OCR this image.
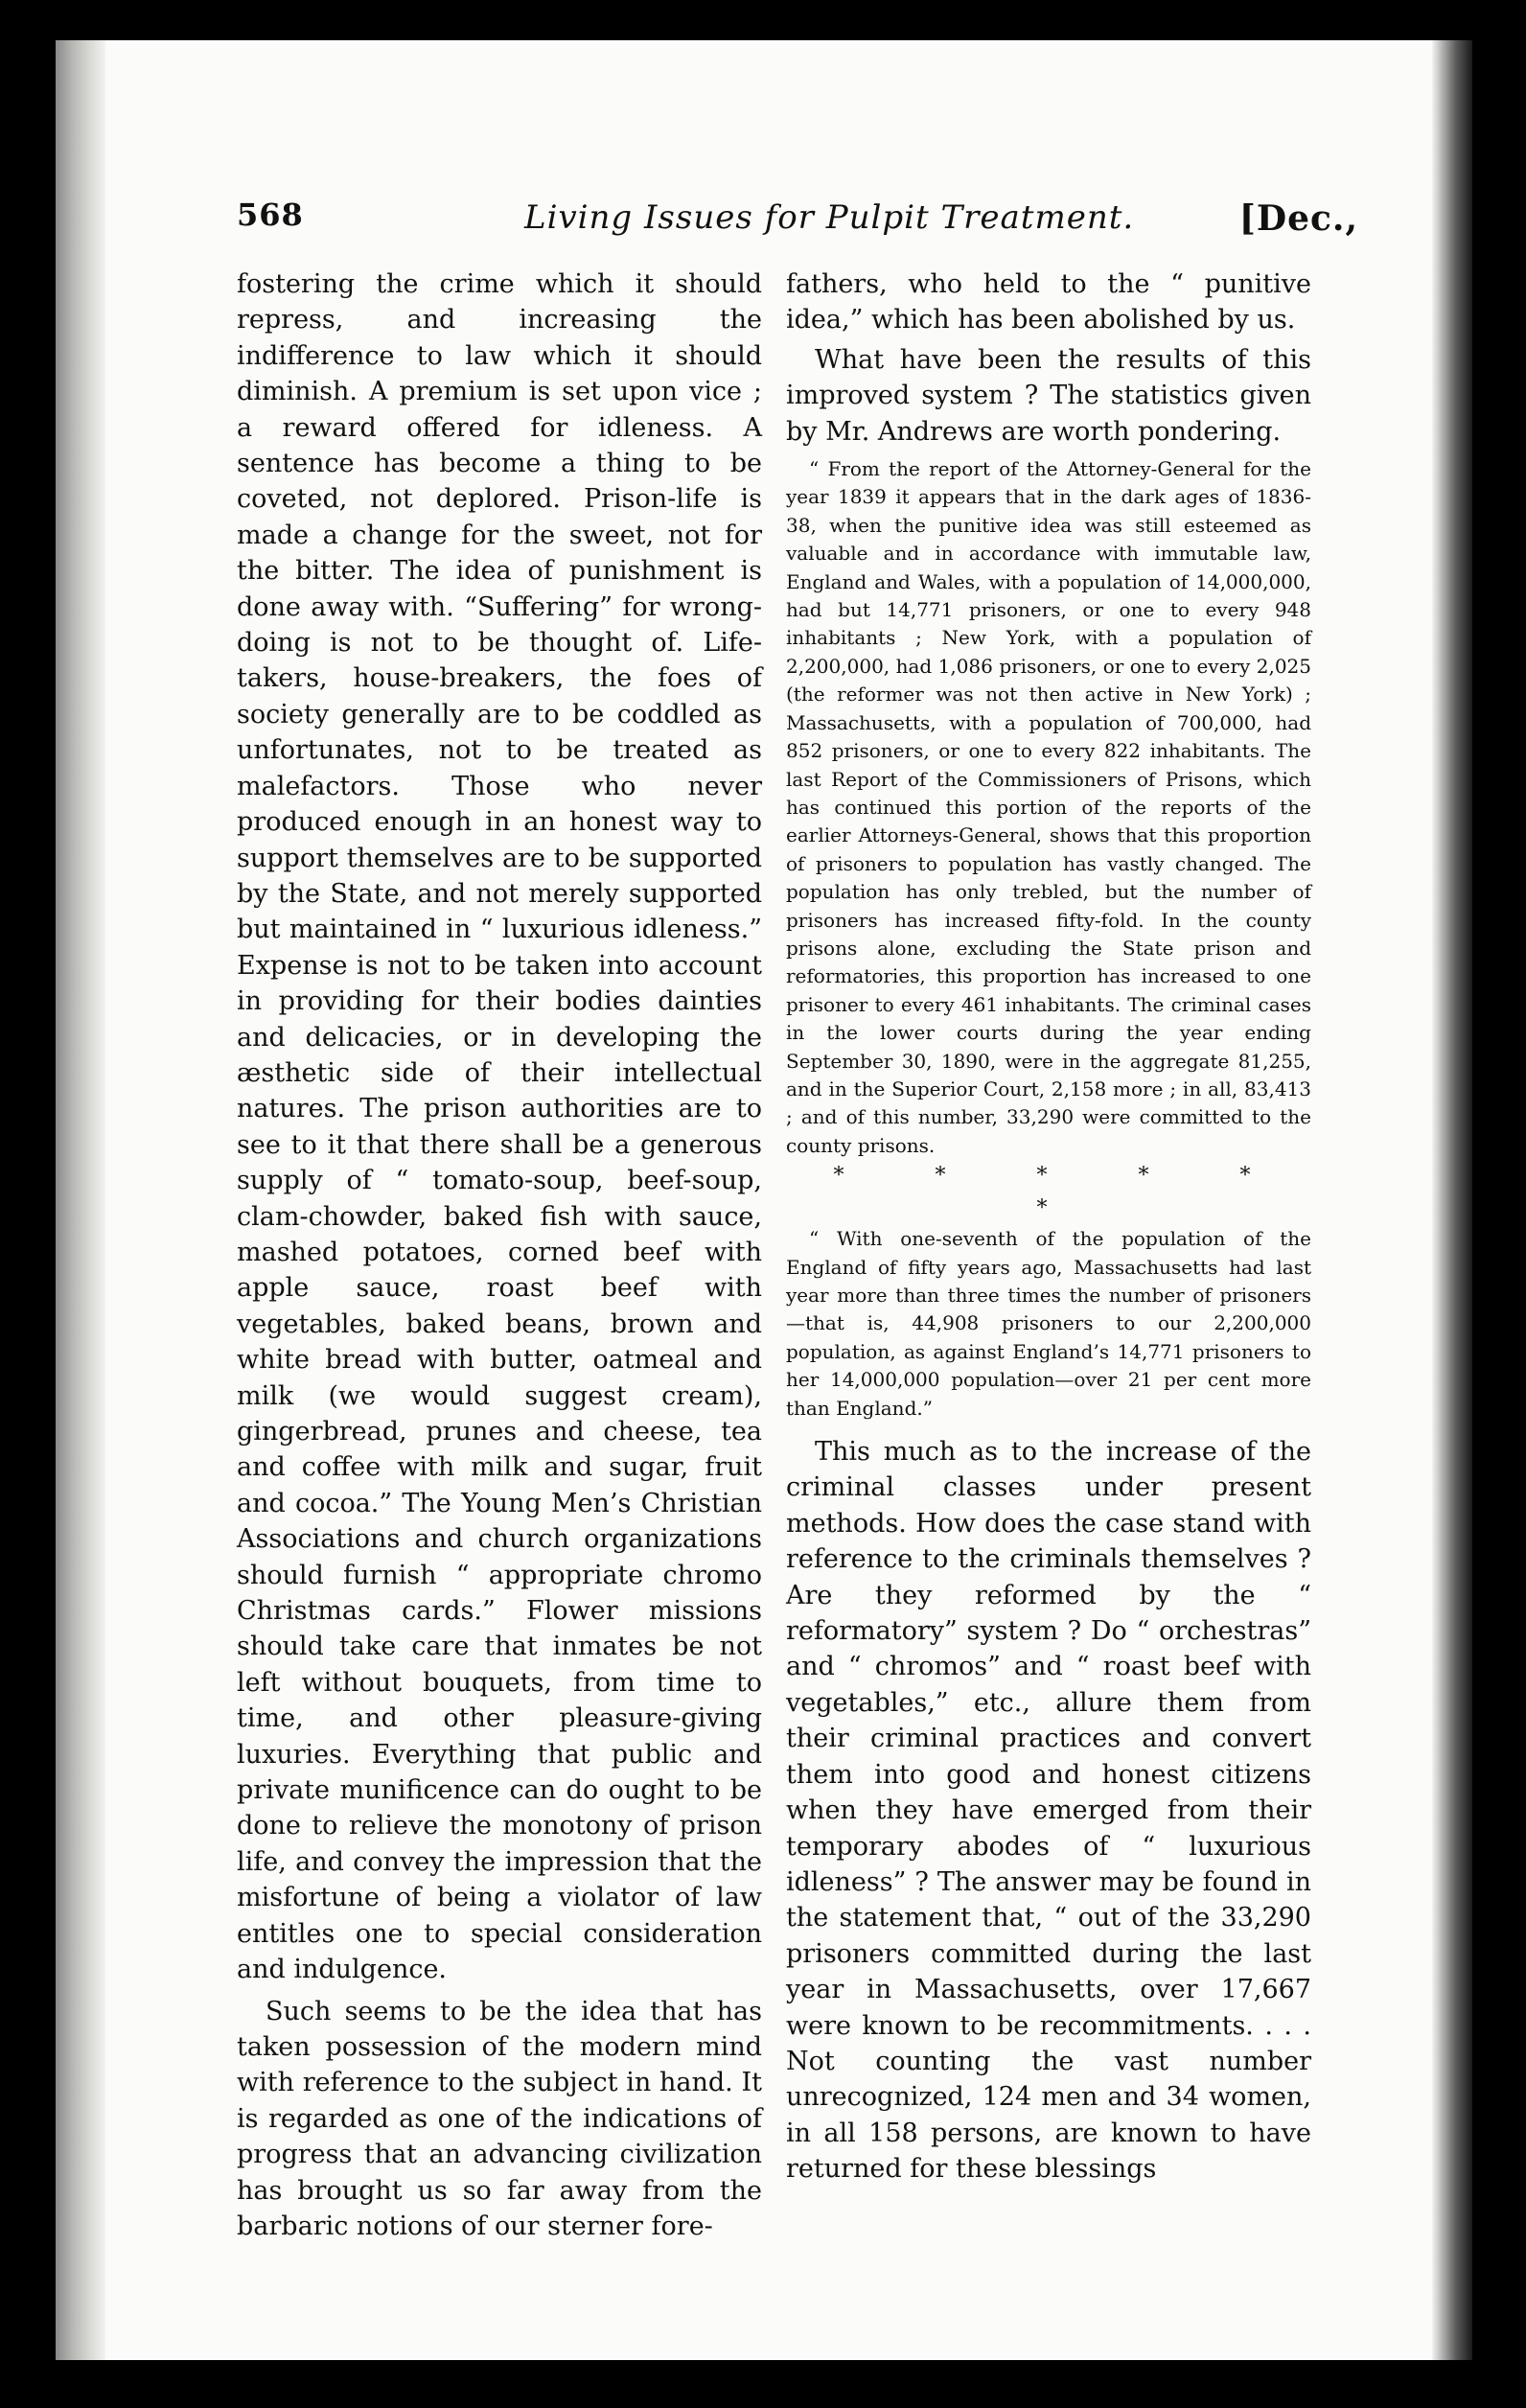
568	Living Issues for Pulpit Treatment.	[Dec.,

fostering the crime which it should repress, and increasing the indifference to law which it should diminish. A premium is set upon vice ; a reward offered for idleness. A sentence has become a thing to be coveted, not deplored. Prison-life is made a change for the sweet, not for the bitter. The idea of punishment is done away with. “Suffering” for wrong-doing is not to be thought of. Life-takers, house-breakers, the foes of society generally are to be coddled as unfortunates, not to be treated as malefactors. Those who never produced enough in an honest way to support themselves are to be supported by the State, and not merely supported but maintained in “ luxurious idleness.” Expense is not to be taken into account in providing for their bodies dainties and delicacies, or in developing the æsthetic side of their intellectual natures. The prison authorities are to see to it that there shall be a generous supply of “ tomato-soup, beef-soup, clam-chowder, baked fish with sauce, mashed potatoes, corned beef with apple sauce, roast beef with vegetables, baked beans, brown and white bread with butter, oatmeal and milk (we would suggest cream), gingerbread, prunes and cheese, tea and coffee with milk and sugar, fruit and cocoa.” The Young Men’s Christian Associations and church organizations should furnish “ appropriate chromo Christmas cards.” Flower missions should take care that inmates be not left without bouquets, from time to time, and other pleasure-giving luxuries. Everything that public and private munificence can do ought to be done to relieve the monotony of prison life, and convey the impression that the misfortune of being a violator of law entitles one to special consideration and indulgence.

Such seems to be the idea that has taken possession of the modern mind with reference to the subject in hand. It is regarded as one of the indications of progress that an advancing civilization has brought us so far away from the barbaric notions of our sterner fore-

fathers, who held to the “ punitive idea,” which has been abolished by us.

What have been the results of this improved system ? The statistics given by Mr. Andrews are worth pondering.

“ From the report of the Attorney-General for the year 1839 it appears that in the dark ages of 1836-38, when the punitive idea was still esteemed as valuable and in accordance with immutable law, England and Wales, with a population of 14,000,000, had but 14,771 prisoners, or one to every 948 inhabitants ; New York, with a population of 2,200,000, had 1,086 prisoners, or one to every 2,025 (the reformer was not then active in New York) ; Massachusetts, with a population of 700,000, had 852 prisoners, or one to every 822 inhabitants. The last Report of the Commissioners of Prisons, which has continued this portion of the reports of the earlier Attorneys-General, shows that this proportion of prisoners to population has vastly changed. The population has only trebled, but the number of prisoners has increased fifty-fold. In the county prisons alone, excluding the State prison and reformatories, this proportion has increased to one prisoner to every 461 inhabitants. The criminal cases in the lower courts during the year ending September 30, 1890, were in the aggregate 81,255, and in the Superior Court, 2,158 more ; in all, 83,413 ; and of this number, 33,290 were committed to the county prisons.

* * * * * *

“ With one-seventh of the population of the England of fifty years ago, Massachusetts had last year more than three times the number of prisoners—that is, 44,908 prisoners to our 2,200,000 population, as against England’s 14,771 prisoners to her 14,000,000 population—over 21 per cent more than England.”

This much as to the increase of the criminal classes under present methods. How does the case stand with reference to the criminals themselves ? Are they reformed by the “ reformatory” system ? Do “ orchestras” and “ chromos” and “ roast beef with vegetables,” etc., allure them from their criminal practices and convert them into good and honest citizens when they have emerged from their temporary abodes of “ luxurious idleness” ? The answer may be found in the statement that, “ out of the 33,290 prisoners committed during the last year in Massachusetts, over 17,667 were known to be recommitments. . . . Not counting the vast number unrecognized, 124 men and 34 women, in all 158 persons, are known to have returned for these blessings
